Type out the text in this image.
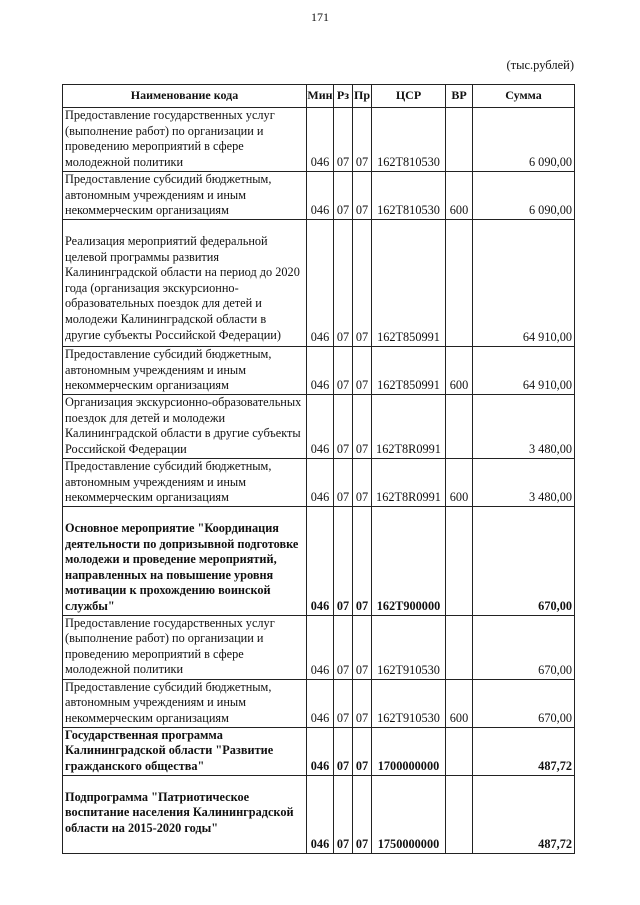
171
(тыс.рублей)
Наименование кода	Мин	Рз	Пр	ЦСР	ВР	Сумма
Предоставление государственных услуг (выполнение работ) по организации и проведению мероприятий в сфере молодежной политики	046	07	07	162Т810530		6 090,00
Предоставление субсидий бюджетным, автономным учреждениям и иным некоммерческим организациям	046	07	07	162Т810530	600	6 090,00
Реализация мероприятий федеральной целевой программы развития Калининградской области на период до 2020 года (организация экскурсионно-образовательных поездок для детей и молодежи Калининградской области в другие субъекты Российской Федерации)	046	07	07	162Т850991		64 910,00
Предоставление субсидий бюджетным, автономным учреждениям и иным некоммерческим организациям	046	07	07	162Т850991	600	64 910,00
Организация экскурсионно-образовательных поездок для детей и молодежи Калининградской области в другие субъекты Российской Федерации	046	07	07	162Т8R0991		3 480,00
Предоставление субсидий бюджетным, автономным учреждениям и иным некоммерческим организациям	046	07	07	162Т8R0991	600	3 480,00
Основное мероприятие "Координация деятельности по допризывной подготовке молодежи и проведение мероприятий, направленных на повышение уровня мотивации к прохождению воинской службы"	046	07	07	162Т900000		670,00
Предоставление государственных услуг (выполнение работ) по организации и проведению мероприятий в сфере молодежной политики	046	07	07	162Т910530		670,00
Предоставление субсидий бюджетным, автономным учреждениям и иным некоммерческим организациям	046	07	07	162Т910530	600	670,00
Государственная программа Калининградской области "Развитие гражданского общества"	046	07	07	1700000000		487,72
Подпрограмма "Патриотическое воспитание населения Калининградской области на 2015-2020 годы"	046	07	07	1750000000		487,72
